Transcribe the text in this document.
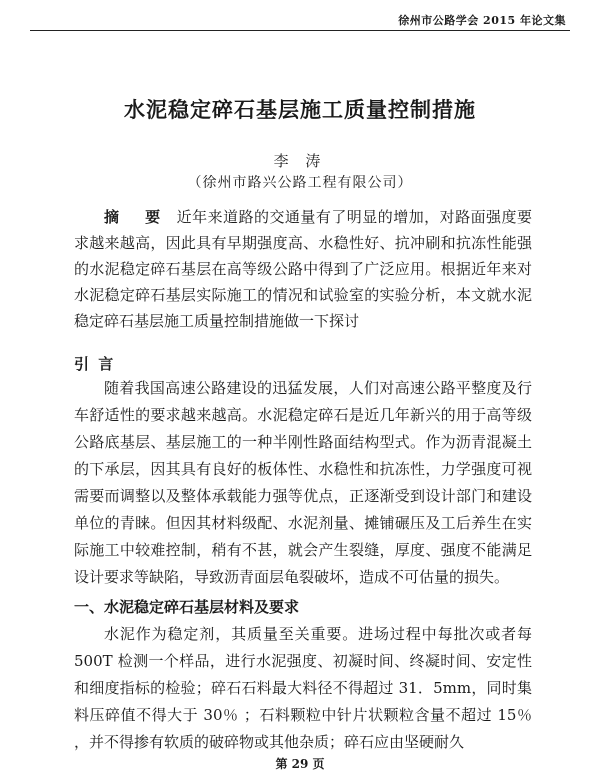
徐州市公路学会 2015 年论文集
水泥稳定碎石基层施工质量控制措施
李 涛
（徐州市路兴公路工程有限公司）
摘 要 近年来道路的交通量有了明显的增加，对路面强度要求越来越高，因此具有早期强度高、水稳性好、抗冲刷和抗冻性能强的水泥稳定碎石基层在高等级公路中得到了广泛应用。根据近年来对水泥稳定碎石基层实际施工的情况和试验室的实验分析，本文就水泥稳定碎石基层施工质量控制措施做一下探讨
引 言
随着我国高速公路建设的迅猛发展，人们对高速公路平整度及行车舒适性的要求越来越高。水泥稳定碎石是近几年新兴的用于高等级公路底基层、基层施工的一种半刚性路面结构型式。作为沥青混凝土的下承层，因其具有良好的板体性、水稳性和抗冻性，力学强度可视需要而调整以及整体承载能力强等优点，正逐渐受到设计部门和建设单位的青睐。但因其材料级配、水泥剂量、摊铺碾压及工后养生在实际施工中较难控制，稍有不甚，就会产生裂缝，厚度、强度不能满足设计要求等缺陷，导致沥青面层龟裂破坏，造成不可估量的损失。
一、水泥稳定碎石基层材料及要求
水泥作为稳定剂，其质量至关重要。进场过程中每批次或者每500T 检测一个样品，进行水泥强度、初凝时间、终凝时间、安定性和细度指标的检验；碎石石料最大料径不得超过 31．5mm，同时集料压碎值不得大于 30％ ；石料颗粒中针片状颗粒含量不超过 15％ ，并不得掺有软质的破碎物或其他杂质；碎石应由坚硬耐久
第 29 页
